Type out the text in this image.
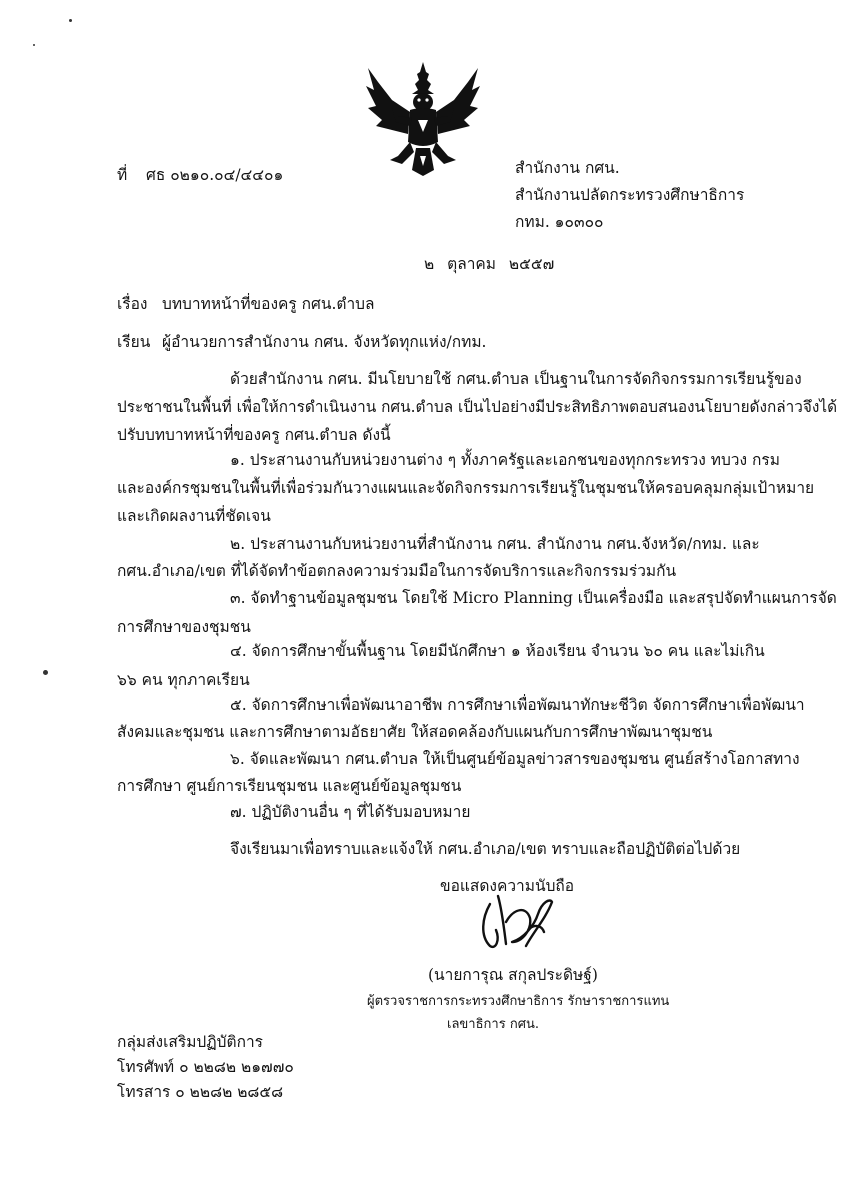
ที่ ศธ ๐๒๑๐.๐๔/๔๔๐๑	สำนักงาน กศน.
สำนักงานปลัดกระทรวงศึกษาธิการ
กทม. ๑๐๓๐๐
๒ ตุลาคม ๒๕๕๗
เรื่อง บทบาทหน้าที่ของครู กศน.ตำบล
เรียน ผู้อำนวยการสำนักงาน กศน. จังหวัดทุกแห่ง/กทม.
ด้วยสำนักงาน กศน. มีนโยบายใช้ กศน.ตำบล เป็นฐานในการจัดกิจกรรมการเรียนรู้ของ
ประชาชนในพื้นที่ เพื่อให้การดำเนินงาน กศน.ตำบล เป็นไปอย่างมีประสิทธิภาพตอบสนองนโยบายดังกล่าวจึงได้
ปรับบทบาทหน้าที่ของครู กศน.ตำบล ดังนี้
๑. ประสานงานกับหน่วยงานต่าง ๆ ทั้งภาครัฐและเอกชนของทุกกระทรวง ทบวง กรม
และองค์กรชุมชนในพื้นที่เพื่อร่วมกันวางแผนและจัดกิจกรรมการเรียนรู้ในชุมชนให้ครอบคลุมกลุ่มเป้าหมาย
และเกิดผลงานที่ชัดเจน
๒. ประสานงานกับหน่วยงานที่สำนักงาน กศน. สำนักงาน กศน.จังหวัด/กทม. และ
กศน.อำเภอ/เขต ที่ได้จัดทำข้อตกลงความร่วมมือในการจัดบริการและกิจกรรมร่วมกัน
๓. จัดทำฐานข้อมูลชุมชน โดยใช้ Micro Planning เป็นเครื่องมือ และสรุปจัดทำแผนการจัด
การศึกษาของชุมชน
๔. จัดการศึกษาขั้นพื้นฐาน โดยมีนักศึกษา ๑ ห้องเรียน จำนวน ๖๐ คน และไม่เกิน
๖๖ คน ทุกภาคเรียน
๕. จัดการศึกษาเพื่อพัฒนาอาชีพ การศึกษาเพื่อพัฒนาทักษะชีวิต จัดการศึกษาเพื่อพัฒนา
สังคมและชุมชน และการศึกษาตามอัธยาศัย ให้สอดคล้องกับแผนกับการศึกษาพัฒนาชุมชน
๖. จัดและพัฒนา กศน.ตำบล ให้เป็นศูนย์ข้อมูลข่าวสารของชุมชน ศูนย์สร้างโอกาสทาง
การศึกษา ศูนย์การเรียนชุมชน และศูนย์ข้อมูลชุมชน
๗. ปฏิบัติงานอื่น ๆ ที่ได้รับมอบหมาย
จึงเรียนมาเพื่อทราบและแจ้งให้ กศน.อำเภอ/เขต ทราบและถือปฏิบัติต่อไปด้วย
ขอแสดงความนับถือ
(นายการุณ สกุลประดิษฐ์)
ผู้ตรวจราชการกระทรวงศึกษาธิการ รักษาราชการแทน
เลขาธิการ กศน.
กลุ่มส่งเสริมปฏิบัติการ
โทรศัพท์ ๐ ๒๒๘๒ ๒๑๗๗๐
โทรสาร ๐ ๒๒๘๒ ๒๘๕๘
